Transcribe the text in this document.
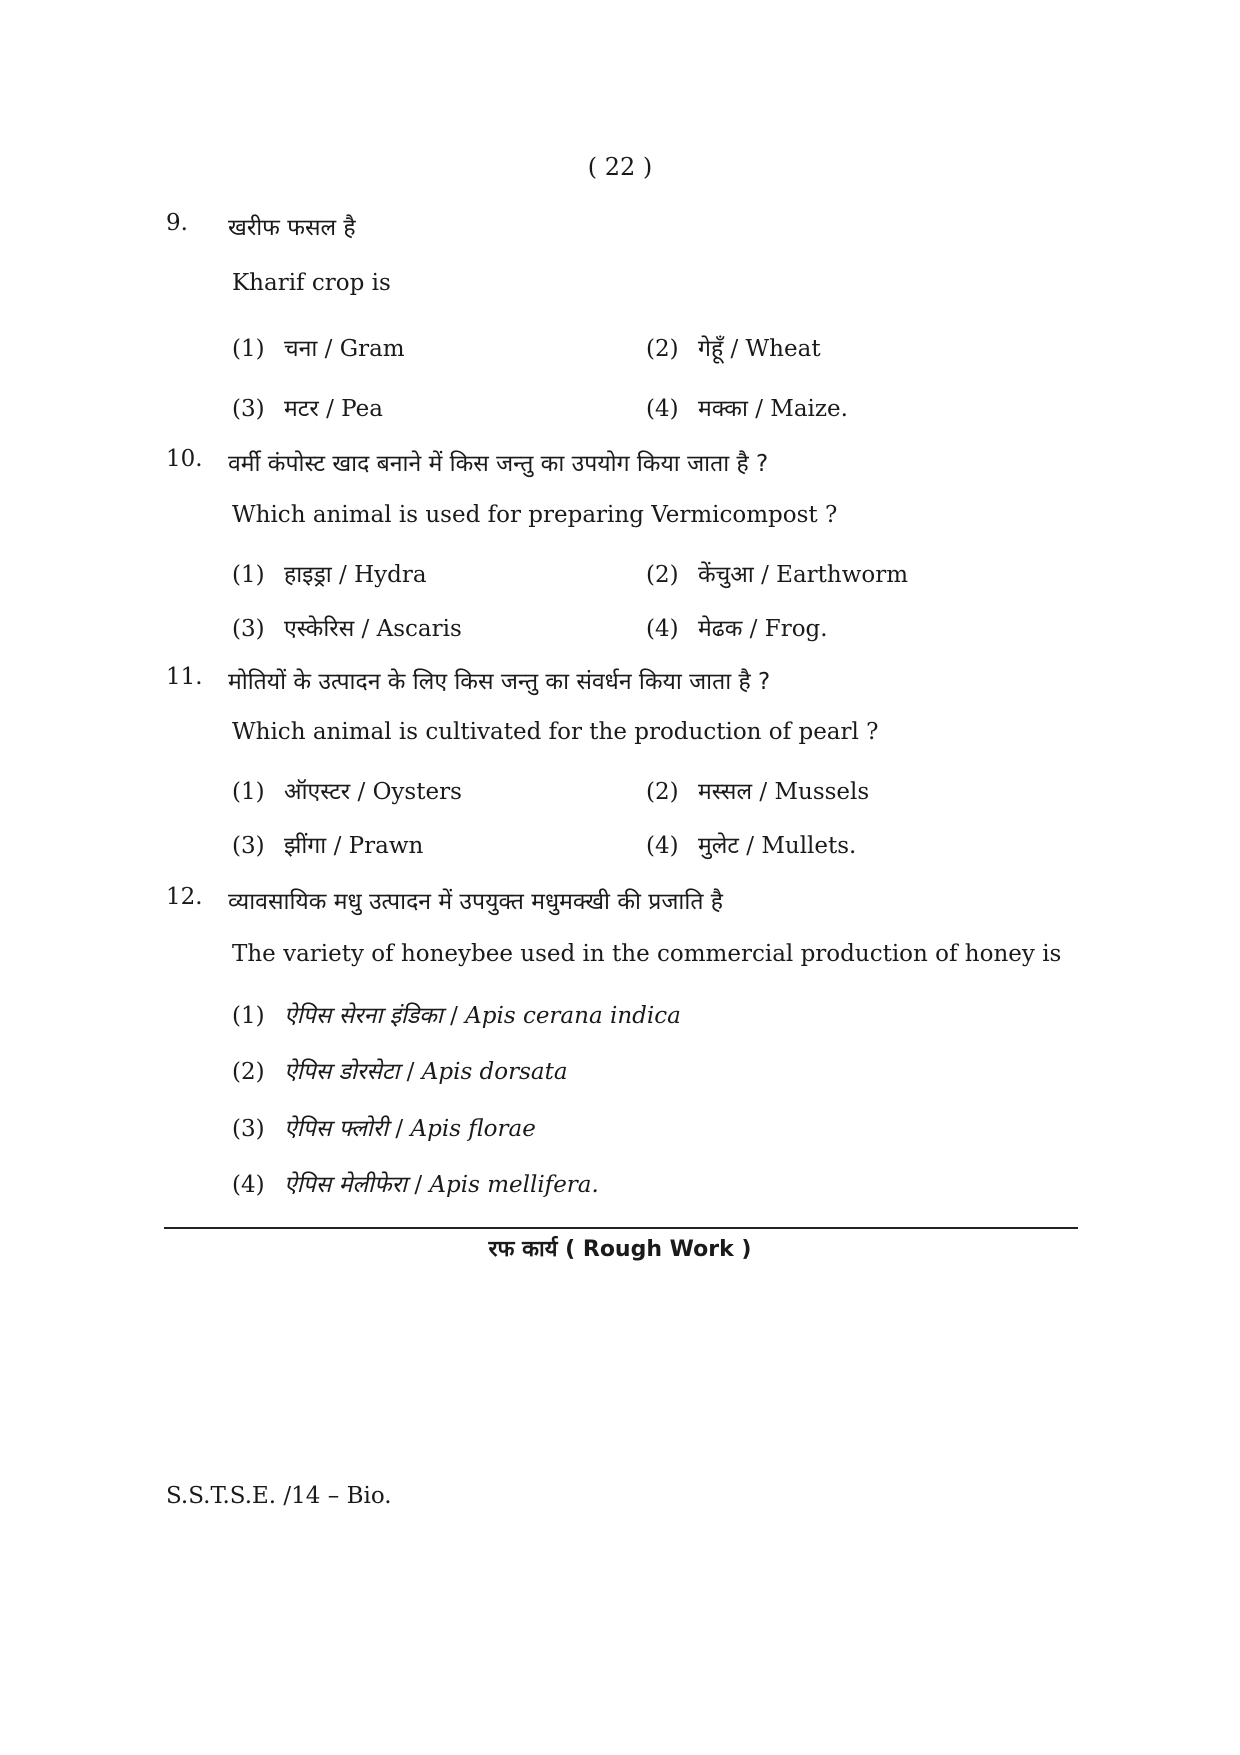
( 22 )
9. खरीफ फसल है
Kharif crop is
(1) चना / Gram	(2) गेहूँ / Wheat
(3) मटर / Pea	(4) मक्का / Maize.
10. वर्मी कंपोस्ट खाद बनाने में किस जन्तु का उपयोग किया जाता है ?
Which animal is used for preparing Vermicompost ?
(1) हाइड्रा / Hydra	(2) केंचुआ / Earthworm
(3) एस्केरिस / Ascaris	(4) मेढक / Frog.
11. मोतियों के उत्पादन के लिए किस जन्तु का संवर्धन किया जाता है ?
Which animal is cultivated for the production of pearl ?
(1) ऑएस्टर / Oysters	(2) मस्सल / Mussels
(3) झींगा / Prawn	(4) मुलेट / Mullets.
12. व्यावसायिक मधु उत्पादन में उपयुक्त मधुमक्खी की प्रजाति है
The variety of honeybee used in the commercial production of honey is
(1) ऐपिस सेरना इंडिका / Apis cerana indica
(2) ऐपिस डोरसेटा / Apis dorsata
(3) ऐपिस फ्लोरी / Apis florae
(4) ऐपिस मेलीफेरा / Apis mellifera.
रफ कार्य ( Rough Work )
S.S.T.S.E. /14 – Bio.
